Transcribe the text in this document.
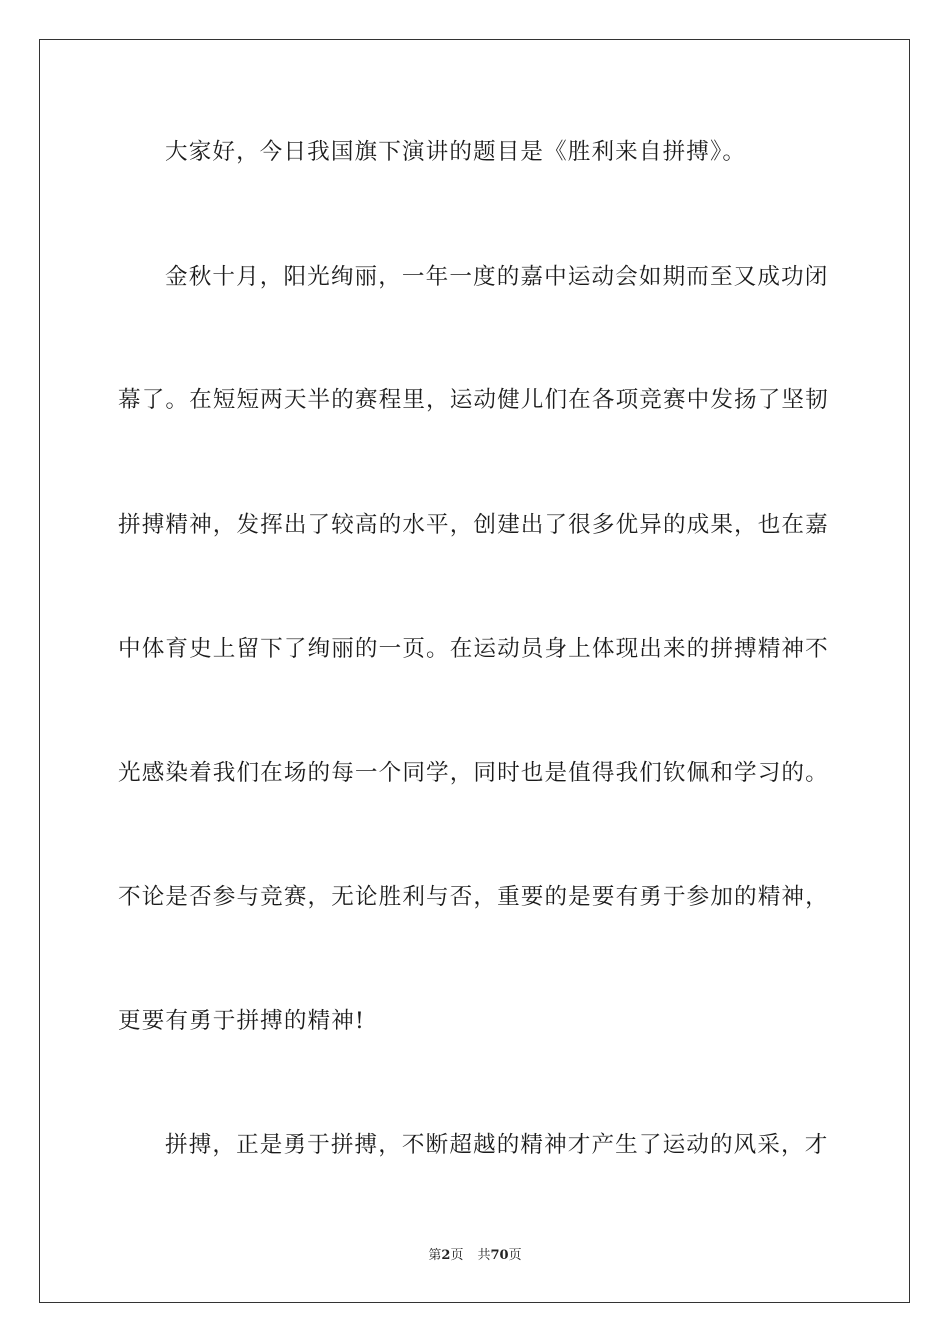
大家好，今日我国旗下演讲的题目是《胜利来自拼搏》。
金秋十月，阳光绚丽，一年一度的嘉中运动会如期而至又成功闭
幕了。在短短两天半的赛程里，运动健儿们在各项竞赛中发扬了坚韧
拼搏精神，发挥出了较高的水平，创建出了很多优异的成果，也在嘉
中体育史上留下了绚丽的一页。在运动员身上体现出来的拼搏精神不
光感染着我们在场的每一个同学，同时也是值得我们钦佩和学习的。
不论是否参与竞赛，无论胜利与否，重要的是要有勇于参加的精神，
更要有勇于拼搏的精神!
拼搏，正是勇于拼搏，不断超越的精神才产生了运动的风采，才
第2页 共70页
